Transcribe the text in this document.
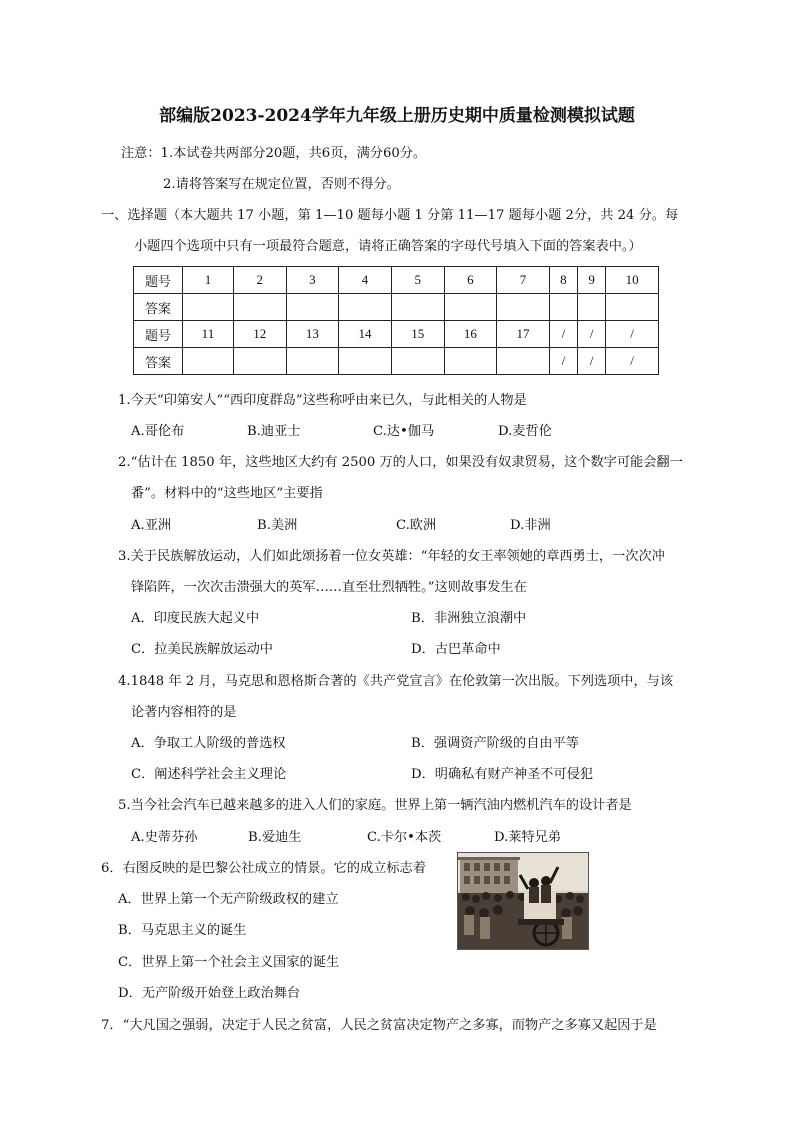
部编版2023-2024学年九年级上册历史期中质量检测模拟试题
注意：1.本试卷共两部分20题，共6页，满分60分。
2.请将答案写在规定位置，否则不得分。
一、选择题（本大题共 17 小题，第 1—10 题每小题 1 分第 11—17 题每小题 2分，共 24 分。每
小题四个选项中只有一项最符合题意，请将正确答案的字母代号填入下面的答案表中。）
题号	1	2	3	4	5	6	7	8	9	10
答案										
题号	11	12	13	14	15	16	17	/	/	/
答案								/	/	/
1.今天“印第安人”“西印度群岛”这些称呼由来已久，与此相关的人物是
A.哥伦布	B.迪亚士	C.达•伽马	D.麦哲伦
2.“估计在 1850 年，这些地区大约有 2500 万的人口，如果没有奴隶贸易，这个数字可能会翻一
番”。材料中的“这些地区”主要指
A.亚洲	B.美洲	C.欧洲	D.非洲
3.关于民族解放运动，人们如此颂扬着一位女英雄：“年轻的女王率领她的章西勇士，一次次冲
锋陷阵，一次次击溃强大的英军……直至壮烈牺牲。”这则故事发生在
A．印度民族大起义中	B．非洲独立浪潮中
C．拉美民族解放运动中	D．古巴革命中
4.1848 年 2 月，马克思和恩格斯合著的《共产党宣言》在伦敦第一次出版。下列选项中，与该
论著内容相符的是
A．争取工人阶级的普选权	B．强调资产阶级的自由平等
C．阐述科学社会主义理论	D．明确私有财产神圣不可侵犯
5.当今社会汽车已越来越多的进入人们的家庭。世界上第一辆汽油内燃机汽车的设计者是
A.史蒂芬孙	B.爱迪生	C.卡尔•本茨	D.莱特兄弟
6．右图反映的是巴黎公社成立的情景。它的成立标志着
A．世界上第一个无产阶级政权的建立
B．马克思主义的诞生
C．世界上第一个社会主义国家的诞生
D．无产阶级开始登上政治舞台
7．“大凡国之强弱，决定于人民之贫富，人民之贫富决定物产之多寡，而物产之多寡又起因于是
